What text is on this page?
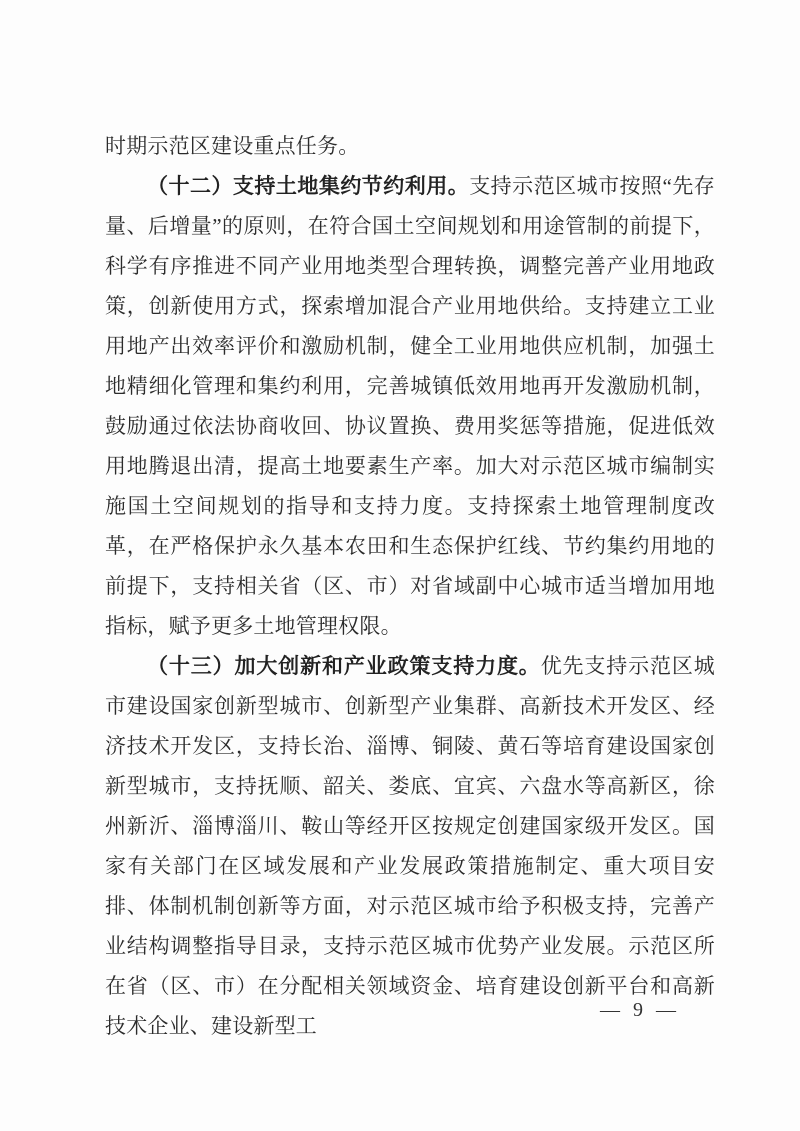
时期示范区建设重点任务。

（十二）支持土地集约节约利用。支持示范区城市按照“先存量、后增量”的原则，在符合国土空间规划和用途管制的前提下，科学有序推进不同产业用地类型合理转换，调整完善产业用地政策，创新使用方式，探索增加混合产业用地供给。支持建立工业用地产出效率评价和激励机制，健全工业用地供应机制，加强土地精细化管理和集约利用，完善城镇低效用地再开发激励机制，鼓励通过依法协商收回、协议置换、费用奖惩等措施，促进低效用地腾退出清，提高土地要素生产率。加大对示范区城市编制实施国土空间规划的指导和支持力度。支持探索土地管理制度改革，在严格保护永久基本农田和生态保护红线、节约集约用地的前提下，支持相关省（区、市）对省域副中心城市适当增加用地指标，赋予更多土地管理权限。

（十三）加大创新和产业政策支持力度。优先支持示范区城市建设国家创新型城市、创新型产业集群、高新技术开发区、经济技术开发区，支持长治、淄博、铜陵、黄石等培育建设国家创新型城市，支持抚顺、韶关、娄底、宜宾、六盘水等高新区，徐州新沂、淄博淄川、鞍山等经开区按规定创建国家级开发区。国家有关部门在区域发展和产业发展政策措施制定、重大项目安排、体制机制创新等方面，对示范区城市给予积极支持，完善产业结构调整指导目录，支持示范区城市优势产业发展。示范区所在省（区、市）在分配相关领域资金、培育建设创新平台和高新技术企业、建设新型工

— 9 —
